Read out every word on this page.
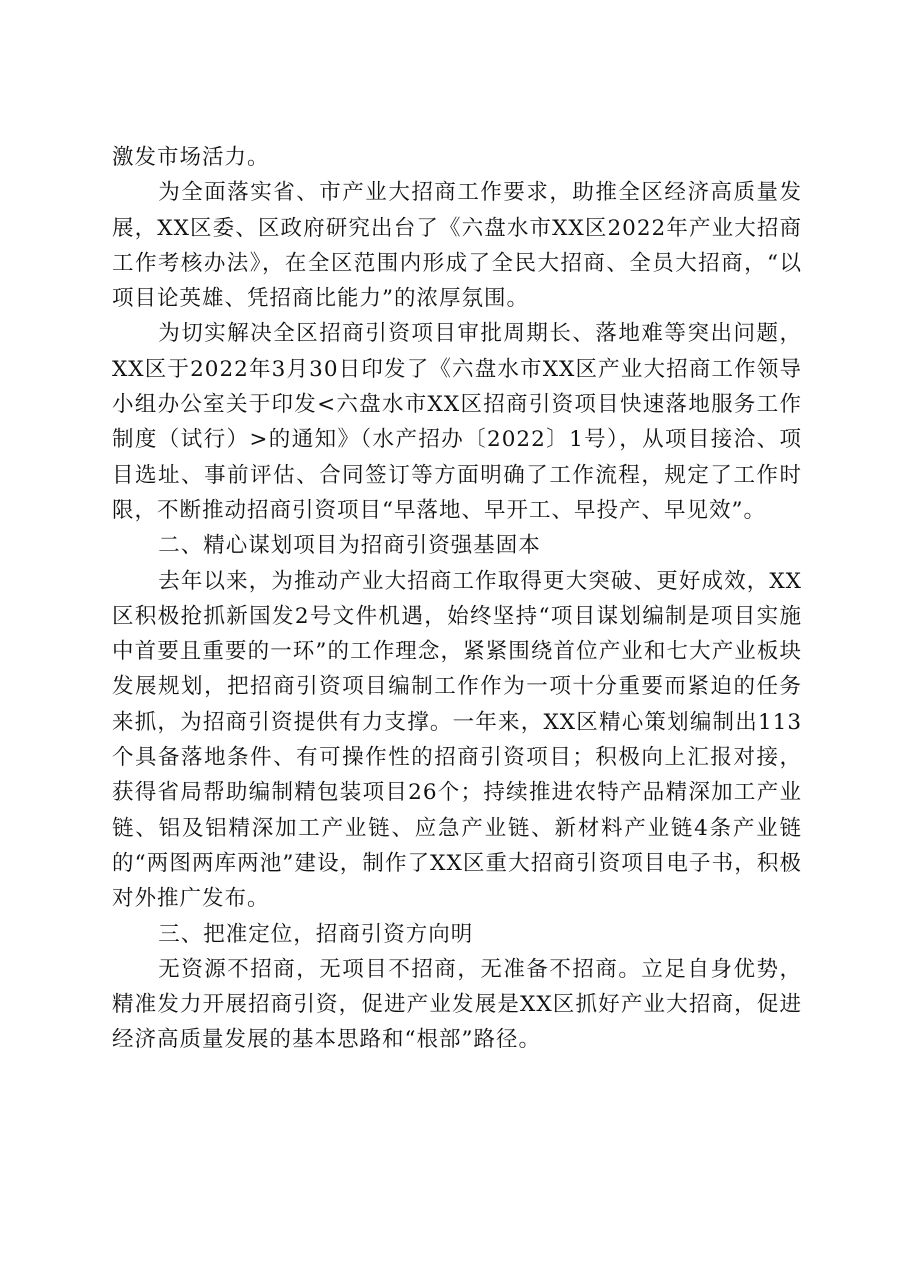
激发市场活力。

为全面落实省、市产业大招商工作要求，助推全区经济高质量发展，XX区委、区政府研究出台了《六盘水市XX区2022年产业大招商工作考核办法》，在全区范围内形成了全民大招商、全员大招商，“以项目论英雄、凭招商比能力”的浓厚氛围。

为切实解决全区招商引资项目审批周期长、落地难等突出问题，XX区于2022年3月30日印发了《六盘水市XX区产业大招商工作领导小组办公室关于印发<六盘水市XX区招商引资项目快速落地服务工作制度（试行）>的通知》（水产招办〔2022〕1号），从项目接洽、项目选址、事前评估、合同签订等方面明确了工作流程，规定了工作时限，不断推动招商引资项目“早落地、早开工、早投产、早见效”。

二、精心谋划项目为招商引资强基固本

去年以来，为推动产业大招商工作取得更大突破、更好成效，XX区积极抢抓新国发2号文件机遇，始终坚持“项目谋划编制是项目实施中首要且重要的一环”的工作理念，紧紧围绕首位产业和七大产业板块发展规划，把招商引资项目编制工作作为一项十分重要而紧迫的任务来抓，为招商引资提供有力支撑。一年来，XX区精心策划编制出113个具备落地条件、有可操作性的招商引资项目；积极向上汇报对接，获得省局帮助编制精包装项目26个；持续推进农特产品精深加工产业链、铝及铝精深加工产业链、应急产业链、新材料产业链4条产业链的“两图两库两池”建设，制作了XX区重大招商引资项目电子书，积极对外推广发布。

三、把准定位，招商引资方向明

无资源不招商，无项目不招商，无准备不招商。立足自身优势，精准发力开展招商引资，促进产业发展是XX区抓好产业大招商，促进经济高质量发展的基本思路和“根部”路径。
